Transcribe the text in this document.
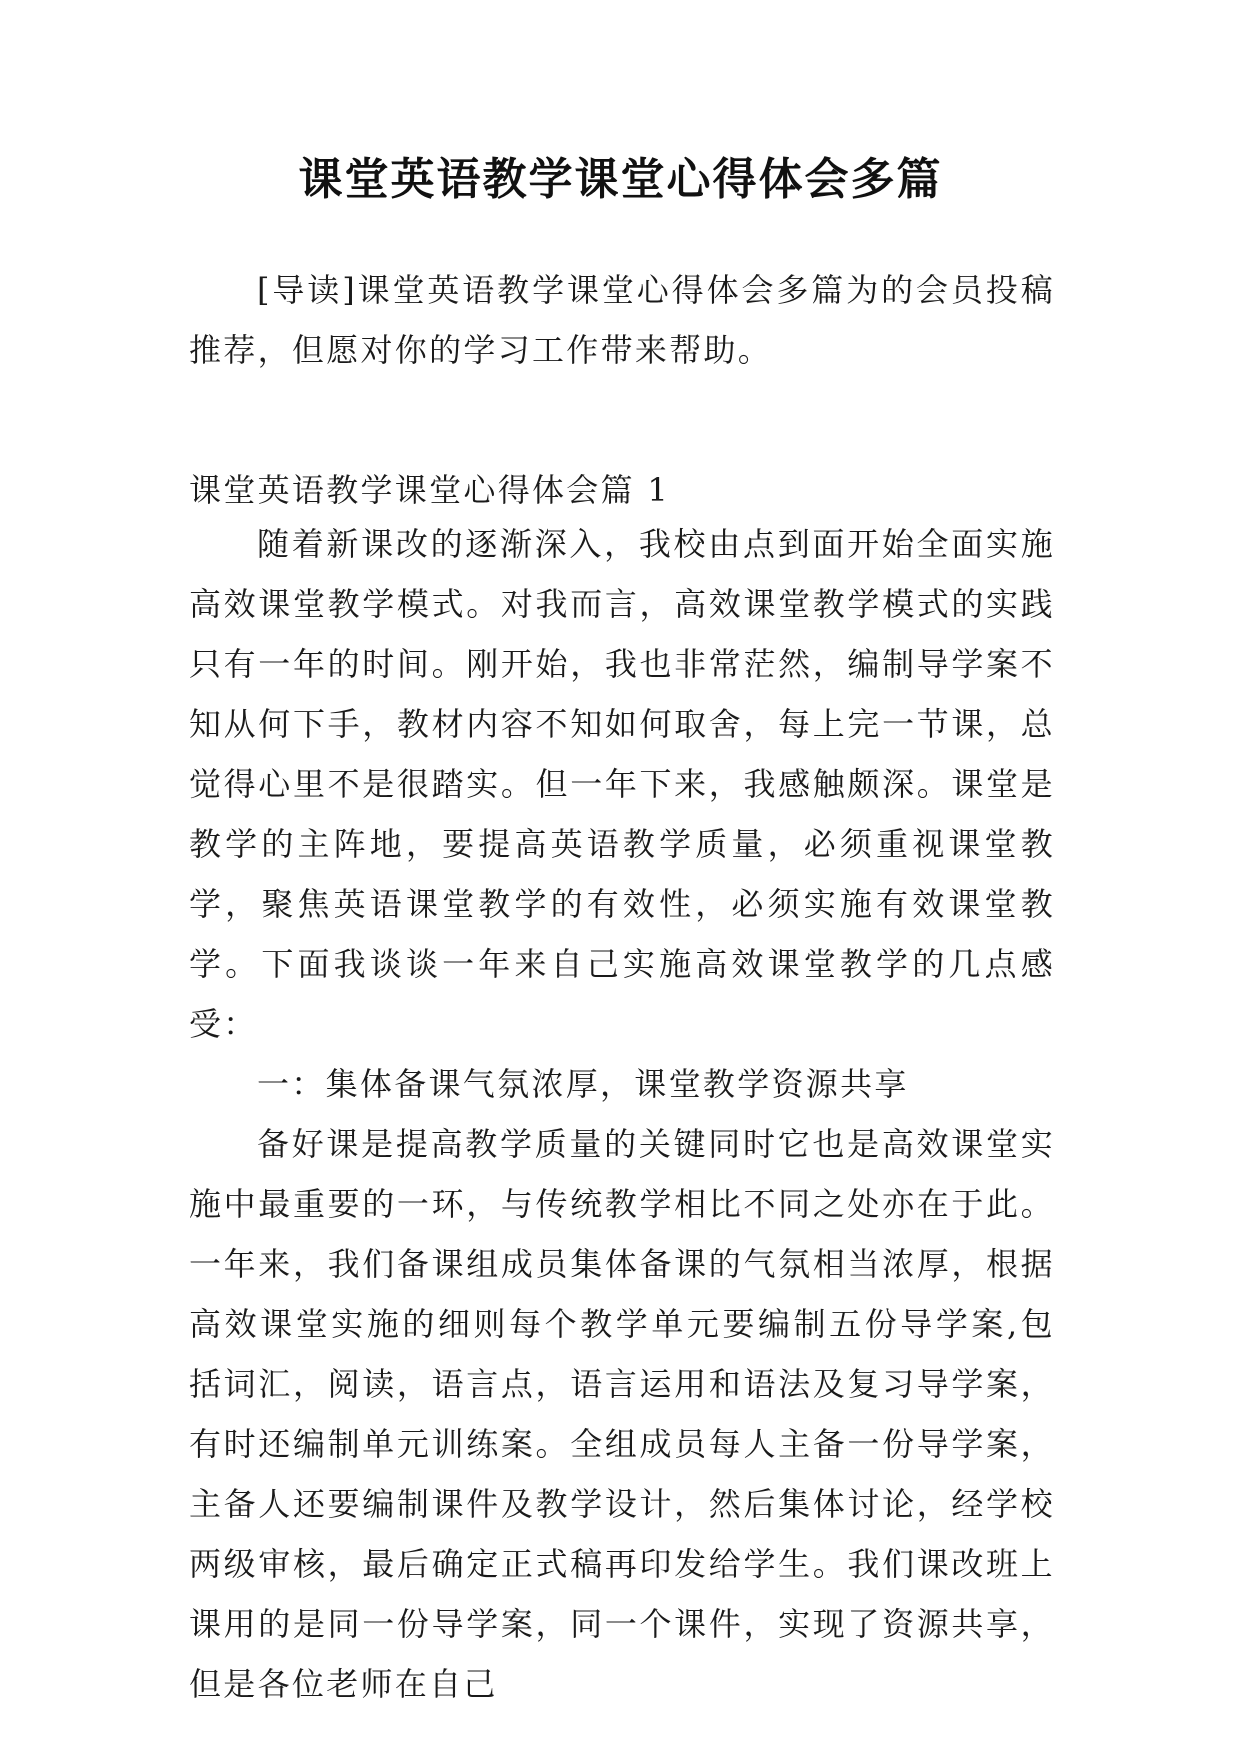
课堂英语教学课堂心得体会多篇

[导读]课堂英语教学课堂心得体会多篇为的会员投稿推荐，但愿对你的学习工作带来帮助。

课堂英语教学课堂心得体会篇 1

随着新课改的逐渐深入，我校由点到面开始全面实施高效课堂教学模式。对我而言，高效课堂教学模式的实践只有一年的时间。刚开始，我也非常茫然，编制导学案不知从何下手，教材内容不知如何取舍，每上完一节课，总觉得心里不是很踏实。但一年下来，我感触颇深。课堂是教学的主阵地，要提高英语教学质量，必须重视课堂教学，聚焦英语课堂教学的有效性，必须实施有效课堂教学。下面我谈谈一年来自己实施高效课堂教学的几点感受：

一：集体备课气氛浓厚，课堂教学资源共享

备好课是提高教学质量的关键同时它也是高效课堂实施中最重要的一环，与传统教学相比不同之处亦在于此。一年来，我们备课组成员集体备课的气氛相当浓厚，根据高效课堂实施的细则每个教学单元要编制五份导学案,包括词汇，阅读，语言点，语言运用和语法及复习导学案，有时还编制单元训练案。全组成员每人主备一份导学案，主备人还要编制课件及教学设计，然后集体讨论，经学校两级审核，最后确定正式稿再印发给学生。我们课改班上课用的是同一份导学案，同一个课件，实现了资源共享，但是各位老师在自己
